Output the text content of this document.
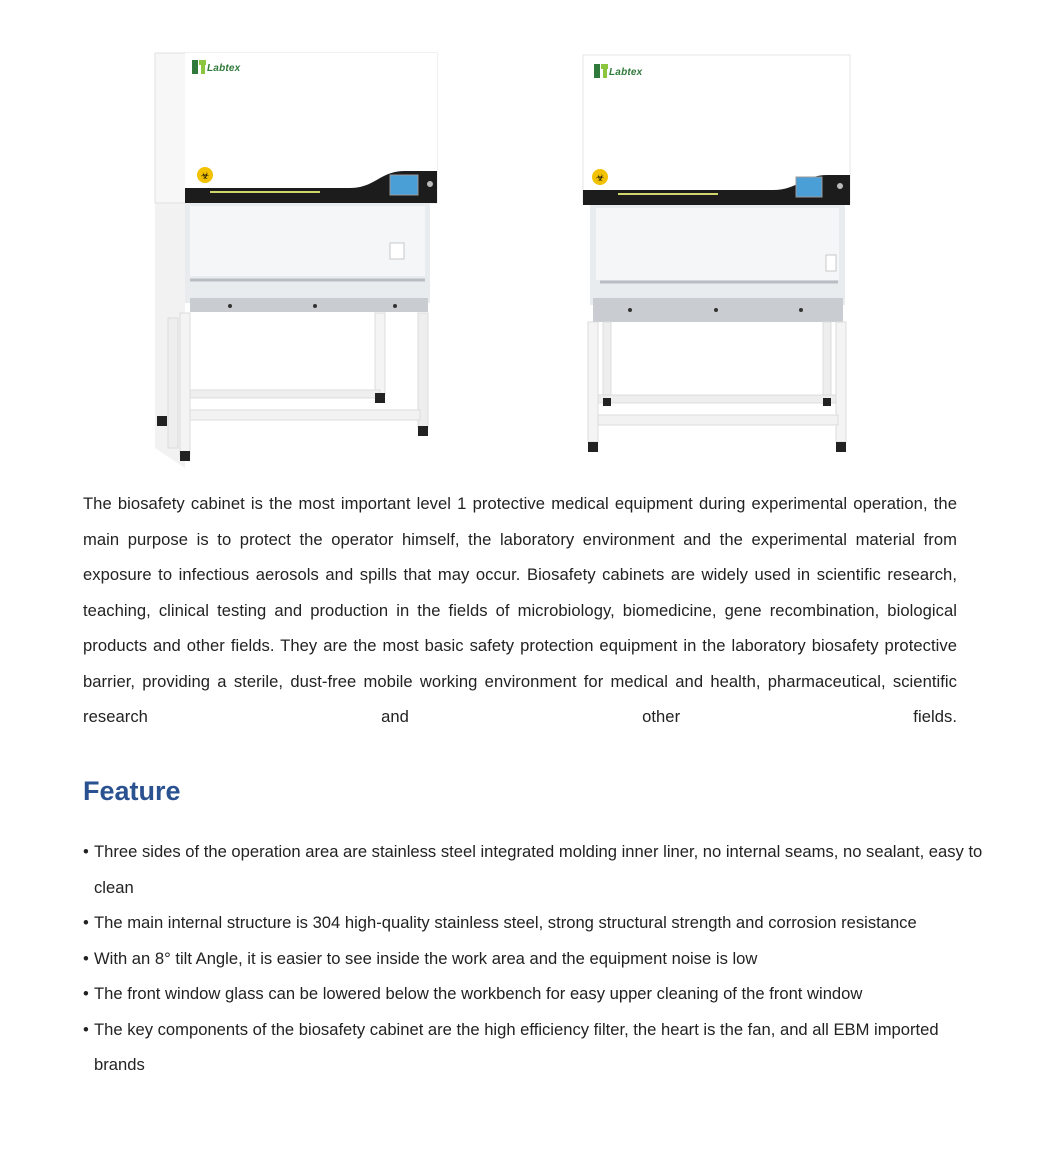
☣
Labtex
☣
Labtex

The biosafety cabinet is the most important level 1 protective medical equipment during experimental operation, the main purpose is to protect the operator himself, the laboratory environment and the experimental material from exposure to infectious aerosols and spills that may occur. Biosafety cabinets are widely used in scientific research, teaching, clinical testing and production in the fields of microbiology, biomedicine, gene recombination, biological products and other fields. They are the most basic safety protection equipment in the laboratory biosafety protective barrier, providing a sterile, dust-free mobile working environment for medical and health, pharmaceutical, scientific research and other fields.

Feature
• Three sides of the operation area are stainless steel integrated molding inner liner, no internal seams, no sealant, easy to clean
• The main internal structure is 304 high-quality stainless steel, strong structural strength and corrosion resistance
• With an 8° tilt Angle, it is easier to see inside the work area and the equipment noise is low
• The front window glass can be lowered below the workbench for easy upper cleaning of the front window
• The key components of the biosafety cabinet are the high efficiency filter, the heart is the fan, and all EBM imported brands
